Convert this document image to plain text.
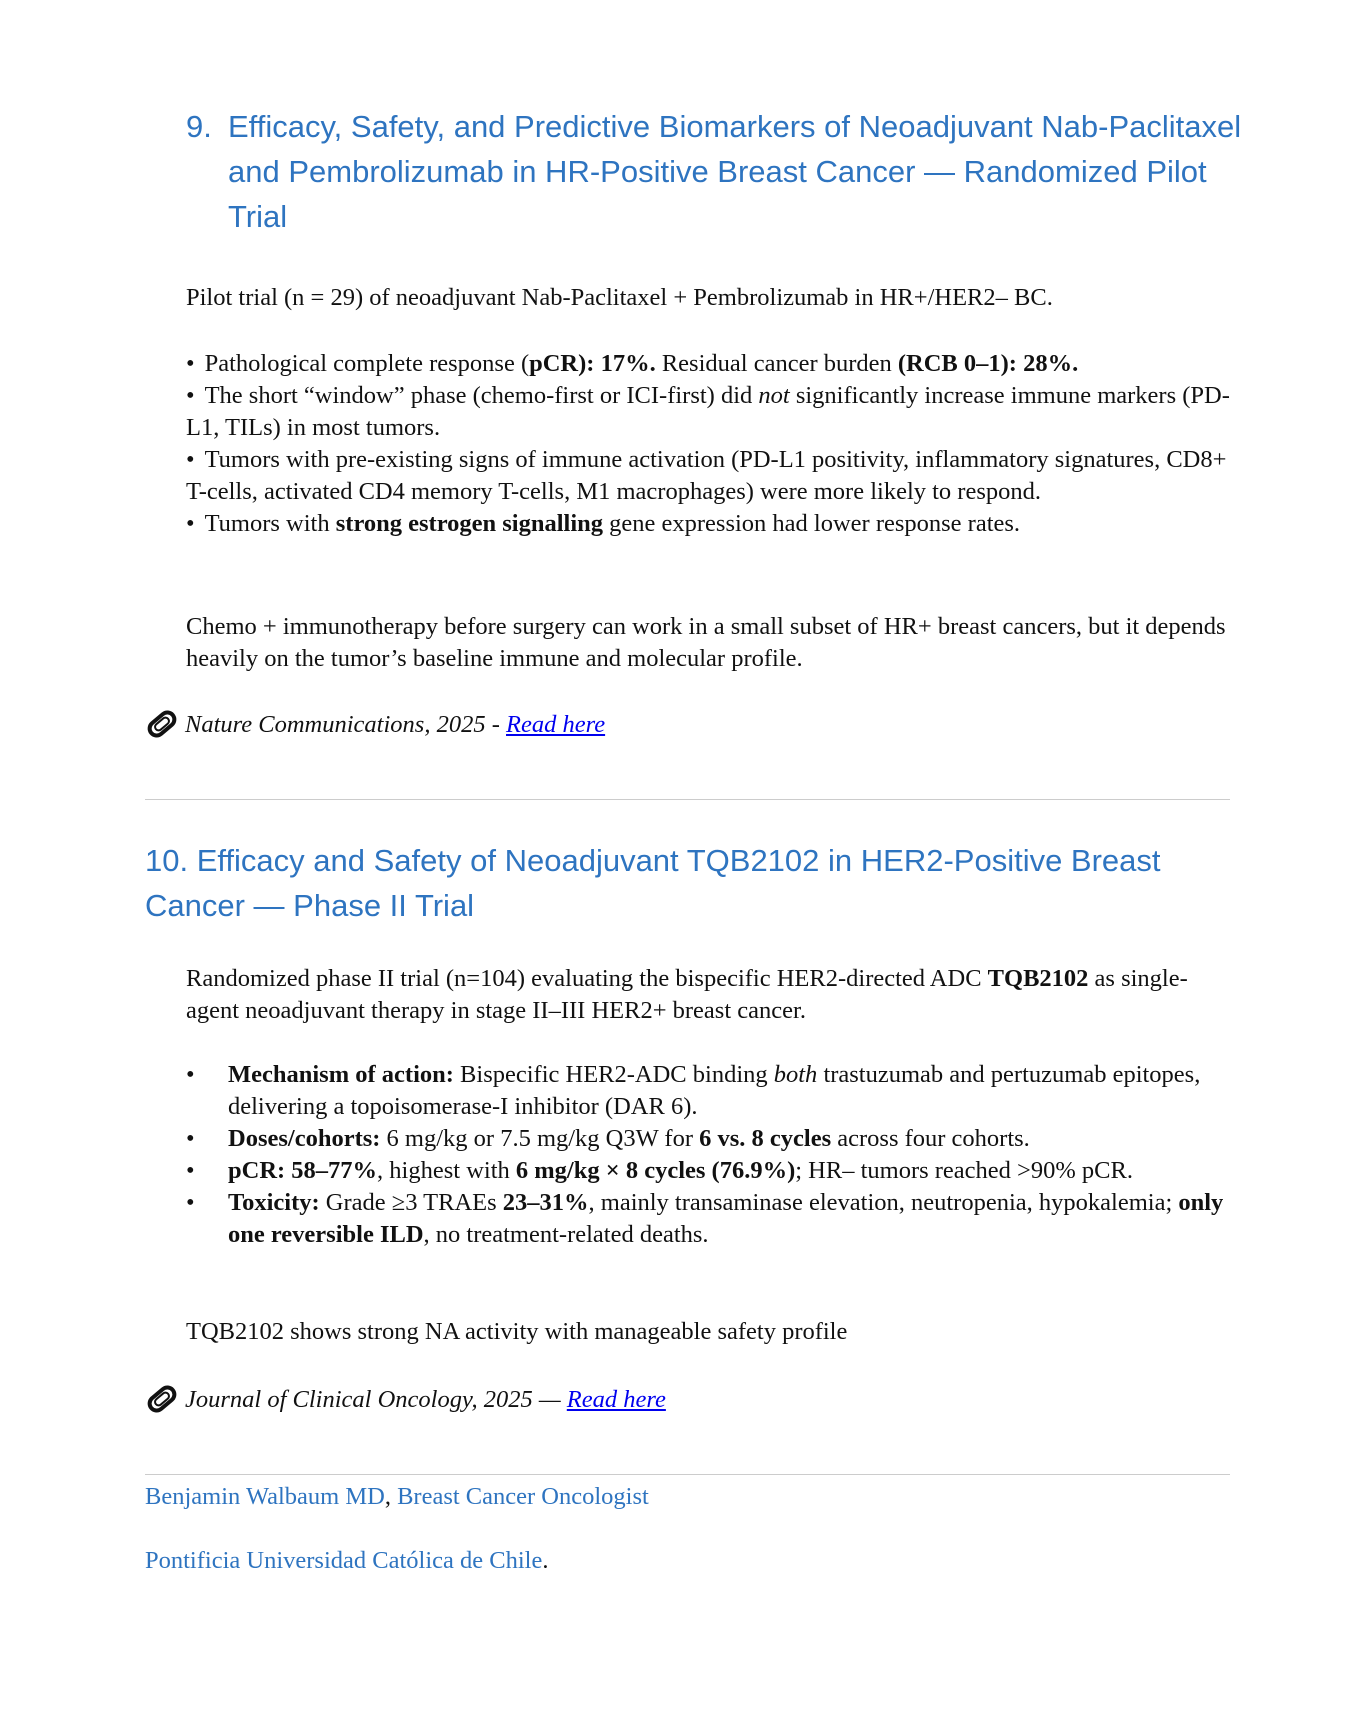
9. Efficacy, Safety, and Predictive Biomarkers of Neoadjuvant Nab-Paclitaxel and Pembrolizumab in HR-Positive Breast Cancer — Randomized Pilot Trial
Pilot trial (n = 29) of neoadjuvant Nab-Paclitaxel + Pembrolizumab in HR+/HER2– BC.
• Pathological complete response (pCR): 17%. Residual cancer burden (RCB 0–1): 28%.
• The short “window” phase (chemo-first or ICI-first) did not significantly increase immune markers (PD-L1, TILs) in most tumors.
• Tumors with pre-existing signs of immune activation (PD-L1 positivity, inflammatory signatures, CD8+ T-cells, activated CD4 memory T-cells, M1 macrophages) were more likely to respond.
• Tumors with strong estrogen signalling gene expression had lower response rates.
Chemo + immunotherapy before surgery can work in a small subset of HR+ breast cancers, but it depends heavily on the tumor’s baseline immune and molecular profile.
Nature Communications, 2025 - Read here
10. Efficacy and Safety of Neoadjuvant TQB2102 in HER2-Positive Breast Cancer — Phase II Trial
Randomized phase II trial (n=104) evaluating the bispecific HER2-directed ADC TQB2102 as single-agent neoadjuvant therapy in stage II–III HER2+ breast cancer.
• Mechanism of action: Bispecific HER2-ADC binding both trastuzumab and pertuzumab epitopes, delivering a topoisomerase-I inhibitor (DAR 6).
• Doses/cohorts: 6 mg/kg or 7.5 mg/kg Q3W for 6 vs. 8 cycles across four cohorts.
• pCR: 58–77%, highest with 6 mg/kg × 8 cycles (76.9%); HR– tumors reached >90% pCR.
• Toxicity: Grade ≥3 TRAEs 23–31%, mainly transaminase elevation, neutropenia, hypokalemia; only one reversible ILD, no treatment-related deaths.
TQB2102 shows strong NA activity with manageable safety profile
Journal of Clinical Oncology, 2025 — Read here
Benjamin Walbaum MD, Breast Cancer Oncologist
Pontificia Universidad Católica de Chile.
